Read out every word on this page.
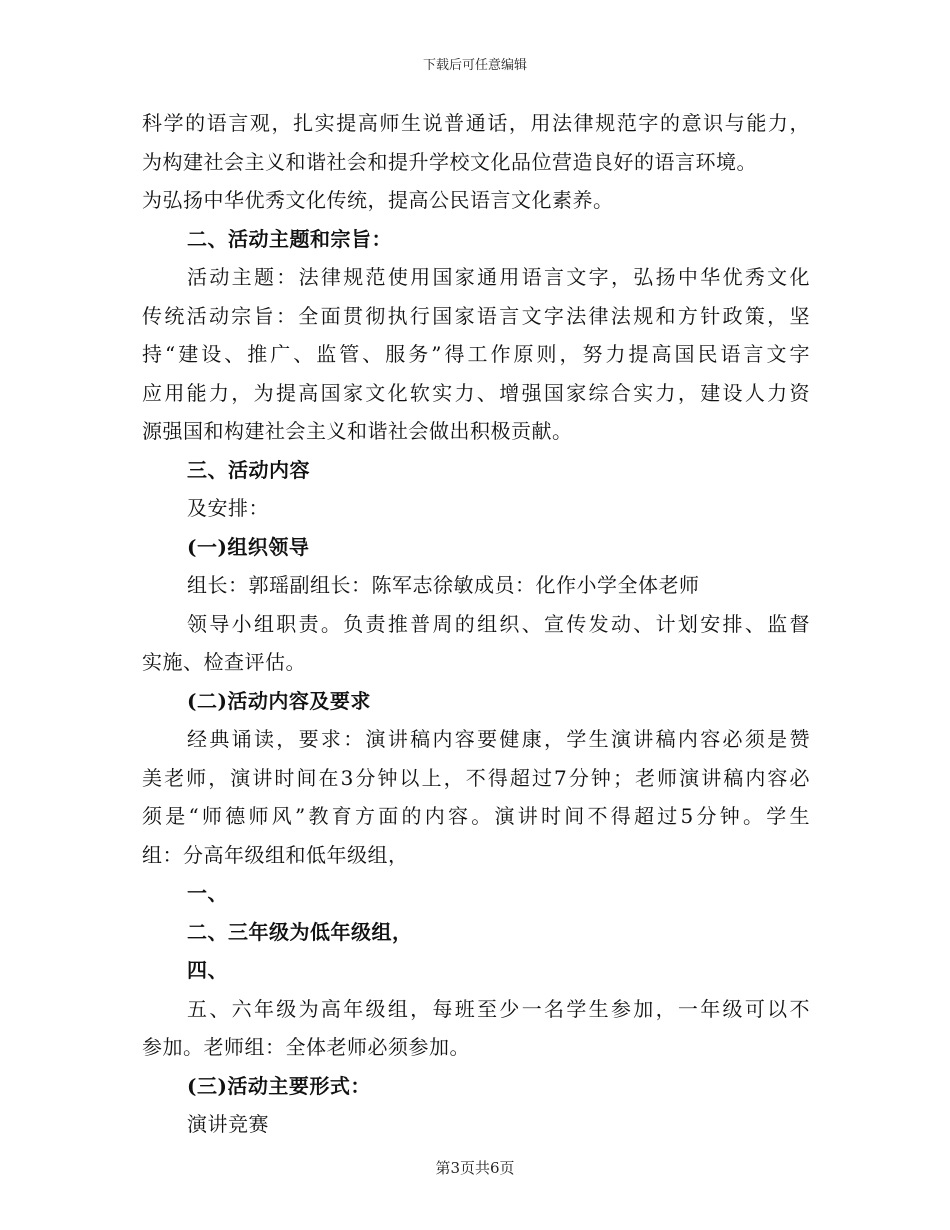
下载后可任意编辑
科学的语言观，扎实提高师生说普通话，用法律规范字的意识与能力，
为构建社会主义和谐社会和提升学校文化品位营造良好的语言环境。
为弘扬中华优秀文化传统，提高公民语言文化素养。
二、活动主题和宗旨：
活动主题：法律规范使用国家通用语言文字，弘扬中华优秀文化
传统活动宗旨：全面贯彻执行国家语言文字法律法规和方针政策，坚
持“建设、推广、监管、服务”得工作原则，努力提高国民语言文字
应用能力，为提高国家文化软实力、增强国家综合实力，建设人力资
源强国和构建社会主义和谐社会做出积极贡献。
三、活动内容
及安排：
(一)组织领导
组长：郭瑶副组长：陈军志徐敏成员：化作小学全体老师
领导小组职责。负责推普周的组织、宣传发动、计划安排、监督
实施、检查评估。
(二)活动内容及要求
经典诵读，要求：演讲稿内容要健康，学生演讲稿内容必须是赞
美老师，演讲时间在3分钟以上，不得超过7分钟；老师演讲稿内容必
须是“师德师风”教育方面的内容。演讲时间不得超过5分钟。学生
组：分高年级组和低年级组，
一、
二、三年级为低年级组，
四、
五、六年级为高年级组，每班至少一名学生参加，一年级可以不
参加。老师组：全体老师必须参加。
(三)活动主要形式：
演讲竞赛
第3页共6页
